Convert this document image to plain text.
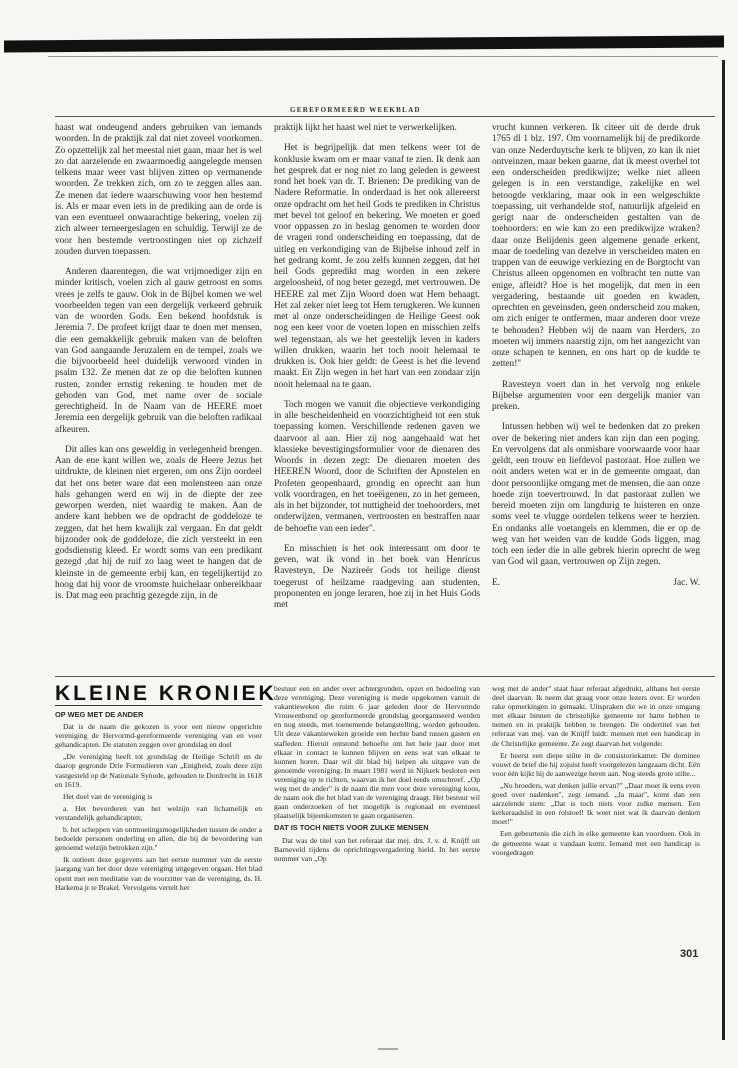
GEREFORMEERD WEEKBLAD

haast wat ondeugend anders gebruiken van iemands woorden. In de praktijk zal dat niet zoveel voorkomen. Zo opzettelijk zal het meestal niet gaan, maar het is wel zo dat aarzelende en zwaarmoedig aangelegde mensen telkens maar weer vast blijven zitten op vermanende woorden. Ze trekken zich, om zo te zeggen alles aan. Ze menen dat iedere waarschuwing voor hen bestemd is. Als er maar even iets in de prediking aan de orde is van een eventueel onwaarachtige bekering, voelen zij zich alweer terneergeslagen en schuldig. Terwijl ze de voor hen bestemde vertroostingen niet op zichzelf zouden durven toepassen.

Anderen daarentegen, die wat vrijmoediger zijn en minder kritisch, voelen zich al gauw getroost en soms vrees je zelfs te gauw. Ook in de Bijbel komen we wel voorbeelden tegen van een dergelijk verkeerd gebruik van de woorden Gods. Een bekend hoofdstuk is Jeremia 7. De profeet krijgt daar te doen met mensen, die een gemakkelijk gebruik maken van de beloften van God aangaande Jeruzalem en de tempel, zoals we die bijvoorbeeld heel duidelijk verwoord vinden in psalm 132. Ze menen dat ze op die beloften kunnen rusten, zonder ernstig rekening te houden met de geboden van God, met name over de sociale gerechtigheid. In de Naam van de HEERE moet Jeremia een dergelijk gebruik van die beloften radikaal afkeuren.

Dit alles kan ons geweldig in verlegenheid brengen. Aan de ene kant willen we, zoals de Heere Jezus het uitdrukte, de kleinen niet ergeren, om ons Zijn oordeel dat het ons beter ware dat een molensteen aan onze hals gehangen werd en wij in de diepte der zee geworpen werden, niet waardig te maken. Aan de andere kant hebben we de opdracht de goddeloze te zeggen, dat het hem kwalijk zal vergaan. En dat geldt bijzonder ook de goddeloze, die zich versteekt in een godsdienstig kleed. Er wordt soms van een predikant gezegd ,dat hij de ruif zo laag weet te hangen dat de kleinste in de gemeente erbij kan, en tegelijkertijd zo hoog dat hij voor de vroomste huichelaar onbereikbaar is. Dat mag een prachtig gezegde zijn, in de

praktijk lijkt het haast wel niet te verwerkelijken.

Het is begrijpelijk dat men telkens weer tot de konklusie kwam om er maar vanaf te zien. Ik denk aan het gesprek dat er nog niet zo lang geleden is geweest rond het boek van dr. T. Brienen: De prediking van de Nadere Reformatie. In onderdaad is het ook allereerst onze opdracht om het heil Gods te prediken in Christus met bevel tot geloof en bekering. We moeten er goed voor oppassen zo in beslag genomen te worden door de vragen rond onderscheiding en toepassing, dat de uitleg en verkondiging van de Bijbelse inhoud zelf in het gedrang komt. Je zou zelfs kunnen zeggen, dat het heil Gods gepredikt mag worden in een zekere argeloosheid, of nog beter gezegd, met vertrouwen. De HEERE zal met Zijn Woord doen wat Hem behaagt. Het zal zeker niet leeg tot Hem terugkeren. We kunnen met al onze onderscheidingen de Heilige Geest ook nog een keer voor de voeten lopen en misschien zelfs wel tegenstaan, als we het geestelijk leven in kaders willen drukken, waarin het toch nooit helemaal te drukken is. Ook hier geldt: de Geest is het die levend maakt. En Zijn wegen in het hart van een zondaar zijn nooit helemaal na te gaan.

Toch mogen we vanuit die objectieve verkondiging in alle bescheidenheid en voorzichtigheid tot een stuk toepassing komen. Verschillende redenen gaven we daarvoor al aan. Hier zij nog aangehaald wat het klassieke bevestigingsformulier voor de dienaren des Woords in dezen zegt: De dienaren moeten des HEEREN Woord, door de Schriften der Apostelen en Profeten geopenbaard, grondig en oprecht aan hun volk voordragen, en het toeëigenen, zo in het gemeen, als in het bijzonder, tot nuttigheid der toehoorders, met onderwijzen, vermanen, vertroosten en bestraffen naar de behoefte van een ieder".

En misschien is het ook interessant om door te geven, wat ik vond in het boek van Henricus Ravesteyn, De Nazireër Gods tot heilige dienst toegerust of heilzame raadgeving aan studenten, proponenten en jonge leraren, hoe zij in het Huis Gods met

vrucht kunnen verkeren. Ik citeer uit de derde druk 1765 dl 1 blz. 197. Om voornamelijk bij de predikorde van onze Nederduytsche kerk te blijven, zo kan ik niet ontveinzen, maar beken gaarne, dat ik meest overhel tot een onderscheiden predikwijze; welke niet alleen gelegen is in een verstandige, zakelijke en wel betoogde verklaring, maar ook in een welgeschikte toepassing, uit verhandelde stof, natuurlijk afgeleid en gerigt naar de onderscheiden gestalten van de toehoorders: en wie kan zo een predikwijze wraken? daar onze Belijdenis geen algemene genade erkent, maar de toedeling van dezelve in verscheiden maten en trappen van de eeuwige verkiezing en de Borgtocht van Christus alleen opgenomen en volbracht ten nutte van enige, afleidt? Hoe is het mogelijk, dat men in een vergadering, bestaande uit goeden en kwaden, oprechten en geveinsden, geen onderscheid zou maken, om zich eniger te ontfermen, maar anderen door vreze te behouden? Hebben wij de naam van Herders, zo moeten wij immers naarstig zijn, om het aangezicht van onze schapen te kennen, en ons hart op de kudde te zetten!"

Ravesteyn voert dan in het vervolg nog enkele Bijbelse argumenten voor een dergelijk manier van preken.

Intussen hebben wij wel te bedenken dat zo preken over de bekering niet anders kan zijn dan een poging. En vervolgens dat als onmisbare voorwaarde voor haar geldt, een trouw en liefdevol pastoraat. Hoe zullen we ooit anders weten wat er in de gemeente omgaat, dan door persoonlijke omgang met de mensen, die aan onze hoede zijn toevertrouwd. In dat pastoraat zullen we bereid moeten zijn om langdurig te luisteren en onze soms veel te vlugge oordelen telkens weer te herzien. En ondanks alle voetangels en klemmen, die er op de weg van het weiden van de kudde Gods liggen, mag toch een ieder die in alle gebrek hierin oprecht de weg van God wil gaan, vertrouwen op Zijn zegen.

E.	Jac. W.
KLEINE KRONIEK

OP WEG MET DE ANDER

Dat is de naam die gekozen is voor een nieuw opgerichte vereniging de Hervormd-gereformeerde vereniging van en voor gehandicapten. De statuten zeggen over grondslag en doel

„De vereniging heeft tot grondslag de Heilige Schrift en de daarop gegronde Drie Formulieren van „Enigheid, zoals deze zijn vastgesteld op de Nationale Synode, gehouden te Dordrecht in 1618 en 1619.

Het doel van de vereniging is

a. Het bevorderen van het welzijn van lichamelijk en verstandelijk gehandicapten;

b. het scheppen van ontmoetingsmogelijkheden tussen de onder a bedoelde personen onderling en allen, die bij de bevordering van genoemd welzijn betrokken zijn."

Ik ontleen deze gegevens aan het eerste nummer van de eerste jaargang van het door deze vereniging uitgegeven orgaan. Het blad opent met een meditatie van de voorzitter van de vereniging, ds. H. Harkema jr te Brakel. Vervolgens vertelt het

bestuur een en ander over achtergronden, opzet en bedoeling van deze vereniging. Deze vereniging is mede opgekomen vanuit de vakantieweken die ruim 6 jaar geleden door de Hervormde Vrouwenbond op gereformeerde grondslag georganiseerd werden en nog steeds, met toenemende belangstelling, worden gehouden. Uit deze vakantieweken groeide een hechte band tussen gasten en stafleden. Hieruit ontstond behoefte om het hele jaar door met elkaar in contact te kunnen blijven en eens wat van elkaar te kunnen horen. Daar wil dit blad bij helpen als uitgave van de genoemde vereniging. In maart 1981 werd in Nijkerk besloten een vereniging op te richten, waarvan ik het doel reeds omschreef. „Op weg met de ander" is de naam die men voor deze vereniging koos, de naam ook die het blad van de vereniging draagt. Het bestuur wil gaan onderzoeken of het mogelijk is regionaal en eventueel plaatselijk bijeenkomsten te gaan organiseren.

DAT IS TOCH NIETS VOOR ZULKE MENSEN

Dat was de titel van het referaat dat mej. drs. J. v. d. Knijff uit Barneveld tijdens de oprichtingsvergadering hield. In het eerste nummer van „Op

weg met de ander" staat haar referaat afgedrukt, althans het eerste deel daarvan. Ik neem dat graag voor onze lezers over. Er worden rake opmerkingen in gemaakt. Uitspraken die we in onze omgang met elkaar binnen de christelijke gemeente ter harte hebben te nemen en in praktijk hebben te brengen. De ondertitel van het referaat van mej. van de Knijff luidt: mensen met een handicap in de Christelijke gemeente. Ze zegt daarvan het volgende:

Er heerst een diepe stilte in de consistoriekamer. De dominee vouwt de brief die hij zojuist heeft voorgelezen langzaam dicht. Eén voor één kijkt hij de aanwezige heren aan. Nog steeds grote stilte...

„Nu broeders, wat denken jullie ervan?" „Daar moet ik eens even goed over nadenken", zegt iemand. „Ja maar", komt dan een aarzelende stem: „Dat is toch niets voor zulke mensen. Een kerkeraadslid in een rolstoel! Ik weet niet wat ik daarvan denken moet!"

Een gebeurtenis die zich in elke gemeente kan voordoen. Ook in de gemeente waar u vandaan komt. Iemand met een handicap is voorgedragen

301
